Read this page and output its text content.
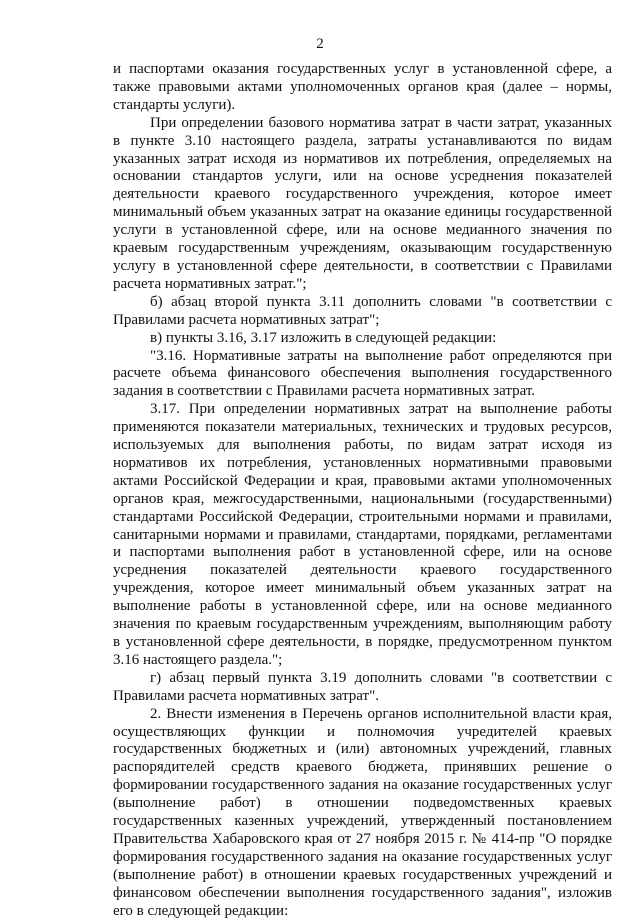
2

и паспортами оказания государственных услуг в установленной сфере, а также правовыми актами уполномоченных органов края (далее – нормы, стандарты услуги).

При определении базового норматива затрат в части затрат, указанных в пункте 3.10 настоящего раздела, затраты устанавливаются по видам указанных затрат исходя из нормативов их потребления, определяемых на основании стандартов услуги, или на основе усреднения показателей деятельности краевого государственного учреждения, которое имеет минимальный объем указанных затрат на оказание единицы государственной услуги в установленной сфере, или на основе медианного значения по краевым государственным учреждениям, оказывающим государственную услугу в установленной сфере деятельности, в соответствии с Правилами расчета нормативных затрат.";

б) абзац второй пункта 3.11 дополнить словами "в соответствии с Правилами расчета нормативных затрат";

в) пункты 3.16, 3.17 изложить в следующей редакции:

"3.16. Нормативные затраты на выполнение работ определяются при расчете объема финансового обеспечения выполнения государственного задания в соответствии с Правилами расчета нормативных затрат.

3.17. При определении нормативных затрат на выполнение работы применяются показатели материальных, технических и трудовых ресурсов, используемых для выполнения работы, по видам затрат исходя из нормативов их потребления, установленных нормативными правовыми актами Российской Федерации и края, правовыми актами уполномоченных органов края, межгосударственными, национальными (государственными) стандартами Российской Федерации, строительными нормами и правилами, санитарными нормами и правилами, стандартами, порядками, регламентами и паспортами выполнения работ в установленной сфере, или на основе усреднения показателей деятельности краевого государственного учреждения, которое имеет минимальный объем указанных затрат на выполнение работы в установленной сфере, или на основе медианного значения по краевым государственным учреждениям, выполняющим работу в установленной сфере деятельности, в порядке, предусмотренном пунктом 3.16 настоящего раздела.";

г) абзац первый пункта 3.19 дополнить словами "в соответствии с Правилами расчета нормативных затрат".

2. Внести изменения в Перечень органов исполнительной власти края, осуществляющих функции и полномочия учредителей краевых государственных бюджетных и (или) автономных учреждений, главных распорядителей средств краевого бюджета, принявших решение о формировании государственного задания на оказание государственных услуг (выполнение работ) в отношении подведомственных краевых государственных казенных учреждений, утвержденный постановлением Правительства Хабаровского края от 27 ноября 2015 г. № 414-пр "О порядке формирования государственного задания на оказание государственных услуг (выполнение работ) в отношении краевых государственных учреждений и финансовом обеспечении выполнения государственного задания", изложив его в следующей редакции:
